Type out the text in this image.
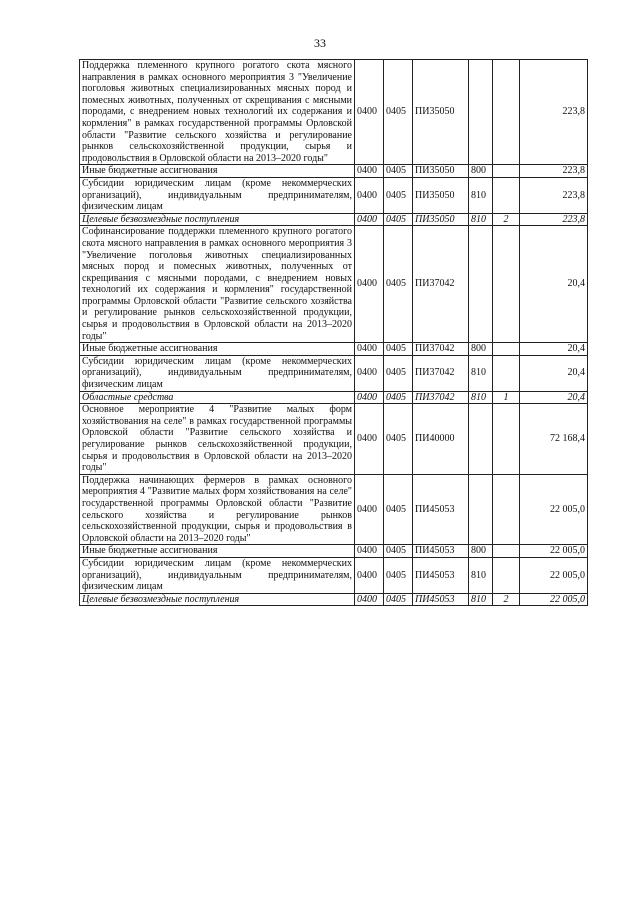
33
Поддержка племенного крупного рогатого скота мясного направления в рамках основного мероприятия 3 "Увеличение поголовья животных специализированных мясных пород и помесных животных, полученных от скрещивания с мясными породами, с внедрением новых технологий их содержания и кормления" в рамках государственной программы Орловской области "Развитие сельского хозяйства и регулирование рынков сельскохозяйственной продукции, сырья и продовольствия в Орловской области на 2013–2020 годы"	0400	0405	ПИ35050			223,8
Иные бюджетные ассигнования	0400	0405	ПИ35050	800		223,8
Субсидии юридическим лицам (кроме некоммерческих организаций), индивидуальным предпринимателям, физическим лицам	0400	0405	ПИ35050	810		223,8
Целевые безвозмездные поступления	0400	0405	ПИ35050	810	2	223,8
Софинансирование поддержки племенного крупного рогатого скота мясного направления в рамках основного мероприятия 3 "Увеличение поголовья животных специализированных мясных пород и помесных животных, полученных от скрещивания с мясными породами, с внедрением новых технологий их содержания и кормления" государственной программы Орловской области "Развитие сельского хозяйства и регулирование рынков сельскохозяйственной продукции, сырья и продовольствия в Орловской области на 2013–2020 годы"	0400	0405	ПИ37042			20,4
Иные бюджетные ассигнования	0400	0405	ПИ37042	800		20,4
Субсидии юридическим лицам (кроме некоммерческих организаций), индивидуальным предпринимателям, физическим лицам	0400	0405	ПИ37042	810		20,4
Областные средства	0400	0405	ПИ37042	810	1	20,4
Основное мероприятие 4 "Развитие малых форм хозяйствования на селе" в рамках государственной программы Орловской области "Развитие сельского хозяйства и регулирование рынков сельскохозяйственной продукции, сырья и продовольствия в Орловской области на 2013–2020 годы"	0400	0405	ПИ40000			72 168,4
Поддержка начинающих фермеров в рамках основного мероприятия 4 "Развитие малых форм хозяйствования на селе" государственной программы Орловской области "Развитие сельского хозяйства и регулирование рынков сельскохозяйственной продукции, сырья и продовольствия в Орловской области на 2013–2020 годы"	0400	0405	ПИ45053			22 005,0
Иные бюджетные ассигнования	0400	0405	ПИ45053	800		22 005,0
Субсидии юридическим лицам (кроме некоммерческих организаций), индивидуальным предпринимателям, физическим лицам	0400	0405	ПИ45053	810		22 005,0
Целевые безвозмездные поступления	0400	0405	ПИ45053	810	2	22 005,0
